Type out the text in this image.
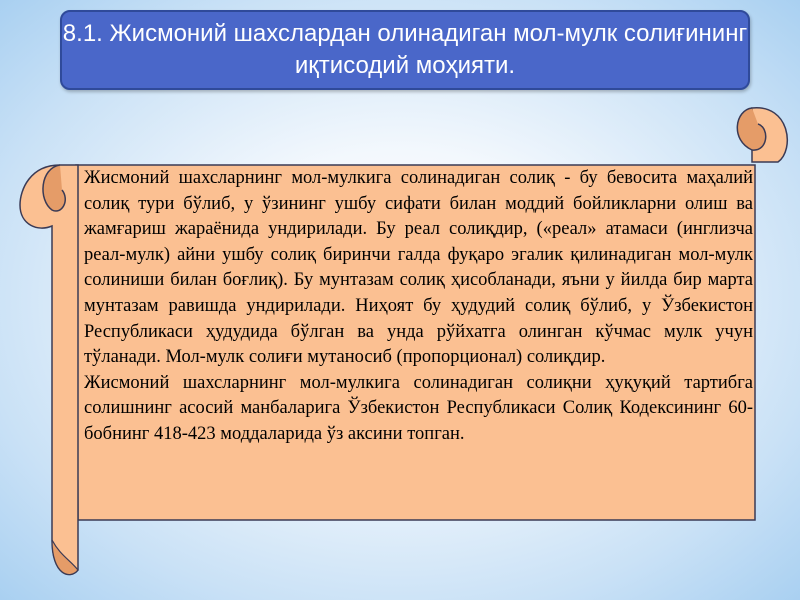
8.1. Жисмоний шахслардан олинадиган мол-мулк солиғининг иқтисодий моҳияти.

Жисмоний шахсларнинг мол-мулкига солинадиган солиқ - бу бевосита маҳалий солиқ тури бўлиб, у ўзининг ушбу сифати билан моддий бойликларни олиш ва жамғариш жараёнида ундирилади. Бу реал солиқдир, («реал» атамаси (инглизча реал-мулк) айни ушбу солиқ биринчи галда фуқаро эгалик қилинадиган мол-мулк солиниши билан боғлиқ). Бу мунтазам солиқ ҳисобланади, яъни у йилда бир марта мунтазам равишда ундирилади. Ниҳоят бу ҳудудий солиқ бўлиб, у Ўзбекистон Республикаси ҳудудида бўлган ва унда рўйхатга олинган кўчмас мулк учун тўланади. Мол-мулк солиғи мутаносиб (пропорционал) солиқдир.

Жисмоний шахсларнинг мол-мулкига солинадиган солиқни ҳуқуқий тартибга солишнинг асосий манбаларига Ўзбекистон Республикаси Солиқ Кодексининг 60- бобнинг 418-423 моддаларида ўз аксини топган.
